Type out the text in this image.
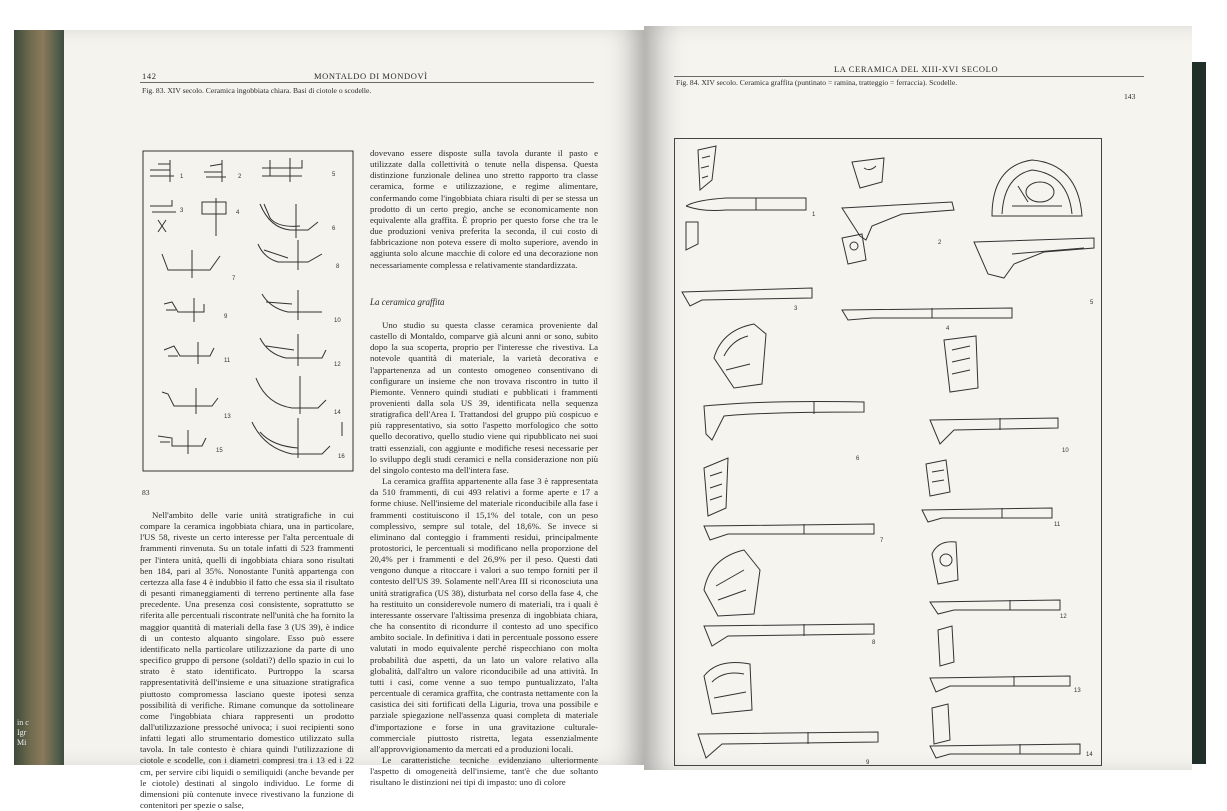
in c
Igr
Mi
142	MONTALDO DI MONDOVÌ
Fig. 83. XIV secolo. Ceramica ingobbiata chiara. Basi di ciotole o scodelle.
1	2
3	4
5
6
7
8
9
10
11
12
13
14
15
16
83

Nell'ambito delle varie unità stratigrafiche in cui compare la ceramica ingobbiata chiara, una in particolare, l'US 58, riveste un certo interesse per l'alta percentuale di frammenti rinvenuta. Su un totale infatti di 523 frammenti per l'intera unità, quelli di ingobbiata chiara sono risultati ben 184, pari al 35%. Nonostante l'unità appartenga con certezza alla fase 4 è indubbio il fatto che essa sia il risultato di pesanti rimaneggiamenti di terreno pertinente alla fase precedente. Una presenza così consistente, soprattutto se riferita alle percentuali riscontrate nell'unità che ha fornito la maggior quantità di materiali della fase 3 (US 39), è indice di un contesto alquanto singolare. Esso può essere identificato nella particolare utilizzazione da parte di uno specifico gruppo di persone (soldati?) dello spazio in cui lo strato è stato identificato. Purtroppo la scarsa rappresentatività dell'insieme e una situazione stratigrafica piuttosto compromessa lasciano queste ipotesi senza possibilità di verifiche. Rimane comunque da sottolineare come l'ingobbiata chiara rappresenti un prodotto dall'utilizzazione pressoché univoca; i suoi recipienti sono infatti legati allo strumentario domestico utilizzato sulla tavola. In tale contesto è chiara quindi l'utilizzazione di ciotole e scodelle, con i diametri compresi tra i 13 ed i 22 cm, per servire cibi liquidi o semiliquidi (anche bevande per le ciotole) destinati al singolo individuo. Le forme di dimensioni più contenute invece rivestivano la funzione di contenitori per spezie o salse,

dovevano essere disposte sulla tavola durante il pasto e utilizzate dalla collettività o tenute nella dispensa. Questa distinzione funzionale delinea uno stretto rapporto tra classe ceramica, forme e utilizzazione, e regime alimentare, confermando come l'ingobbiata chiara risulti di per se stessa un prodotto di un certo pregio, anche se economicamente non equivalente alla graffita. È proprio per questo forse che tra le due produzioni veniva preferita la seconda, il cui costo di fabbricazione non poteva essere di molto superiore, avendo in aggiunta solo alcune macchie di colore ed una decorazione non necessariamente complessa e relativamente standardizzata.

La ceramica graffita

Uno studio su questa classe ceramica proveniente dal castello di Montaldo, comparve già alcuni anni or sono, subito dopo la sua scoperta, proprio per l'interesse che rivestiva. La notevole quantità di materiale, la varietà decorativa e l'appartenenza ad un contesto omogeneo consentivano di configurare un insieme che non trovava riscontro in tutto il Piemonte. Vennero quindi studiati e pubblicati i frammenti provenienti dalla sola US 39, identificata nella sequenza stratigrafica dell'Area I. Trattandosi del gruppo più cospicuo e più rappresentativo, sia sotto l'aspetto morfologico che sotto quello decorativo, quello studio viene qui ripubblicato nei suoi tratti essenziali, con aggiunte e modifiche resesi necessarie per lo sviluppo degli studi ceramici e nella considerazione non più del singolo contesto ma dell'intera fase.

La ceramica graffita appartenente alla fase 3 è rappresentata da 510 frammenti, di cui 493 relativi a forme aperte e 17 a forme chiuse. Nell'insieme del materiale riconducibile alla fase i frammenti costituiscono il 15,1% del totale, con un peso complessivo, sempre sul totale, del 18,6%. Se invece si eliminano dal conteggio i frammenti residui, principalmente protostorici, le percentuali si modificano nella proporzione del 20,4% per i frammenti e del 26,9% per il peso. Questi dati vengono dunque a ritoccare i valori a suo tempo forniti per il contesto dell'US 39. Solamente nell'Area III si riconosciuta una unità stratigrafica (US 38), disturbata nel corso della fase 4, che ha restituito un considerevole numero di materiali, tra i quali è interessante osservare l'altissima presenza di ingobbiata chiara, che ha consentito di ricondurre il contesto ad uno specifico ambito sociale. In definitiva i dati in percentuale possono essere valutati in modo equivalente perché rispecchiano con molta probabilità due aspetti, da un lato un valore relativo alla globalità, dall'altro un valore riconducibile ad una attività. In tutti i casi, come venne a suo tempo puntualizzato, l'alta percentuale di ceramica graffita, che contrasta nettamente con la casistica dei siti fortificati della Liguria, trova una possibile e parziale spiegazione nell'assenza quasi completa di materiale d'importazione e forse in una gravitazione culturale-commerciale piuttosto ristretta, legata essenzialmente all'approvvigionamento da mercati ed a produzioni locali.

Le caratteristiche tecniche evidenziano ulteriormente l'aspetto di omogeneità dell'insieme, tant'è che due soltanto risultano le distinzioni nei tipi di impasto: uno di colore

LA CERAMICA DEL XIII-XVI SECOLO
Fig. 84. XIV secolo. Ceramica graffita (puntinato = ramina, tratteggio = ferraccia). Scodelle.
143
1
2
5
3
4
6
10
7
11
8
12
13
9
14
